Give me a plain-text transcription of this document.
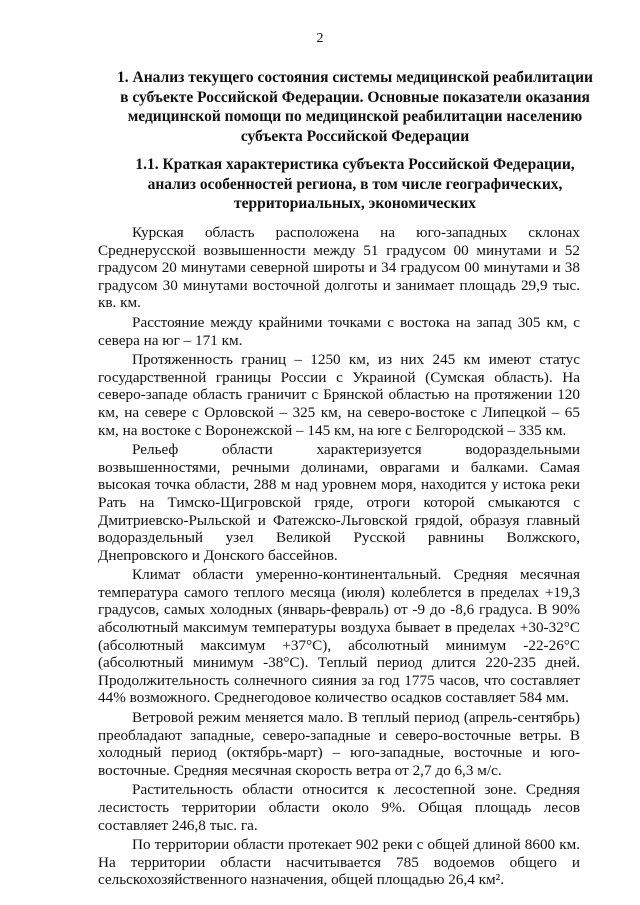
2
1. Анализ текущего состояния системы медицинской реабилитации в субъекте Российской Федерации. Основные показатели оказания медицинской помощи по медицинской реабилитации населению субъекта Российской Федерации
1.1. Краткая характеристика субъекта Российской Федерации, анализ особенностей региона, в том числе географических, территориальных, экономических

Курская область расположена на юго-западных склонах Среднерусской возвышенности между 51 градусом 00 минутами и 52 градусом 20 минутами северной широты и 34 градусом 00 минутами и 38 градусом 30 минутами восточной долготы и занимает площадь 29,9 тыс. кв. км.

Расстояние между крайними точками с востока на запад 305 км, с севера на юг – 171 км.

Протяженность границ – 1250 км, из них 245 км имеют статус государственной границы России с Украиной (Сумская область). На северо-западе область граничит с Брянской областью на протяжении 120 км, на севере с Орловской – 325 км, на северо-востоке с Липецкой – 65 км, на востоке с Воронежской – 145 км, на юге с Белгородской – 335 км.

Рельеф области характеризуется водораздельными возвышенностями, речными долинами, оврагами и балками. Самая высокая точка области, 288 м над уровнем моря, находится у истока реки Рать на Тимско-Щигровской гряде, отроги которой смыкаются с Дмитриевско-Рыльской и Фатежско-Льговской грядой, образуя главный водораздельный узел Великой Русской равнины Волжского, Днепровского и Донского бассейнов.

Климат области умеренно-континентальный. Средняя месячная температура самого теплого месяца (июля) колеблется в пределах +19,3 градусов, самых холодных (январь-февраль) от -9 до -8,6 градуса. В 90% абсолютный максимум температуры воздуха бывает в пределах +30-32°C (абсолютный максимум +37°C), абсолютный минимум -22-26°C (абсолютный минимум -38°C). Теплый период длится 220-235 дней. Продолжительность солнечного сияния за год 1775 часов, что составляет 44% возможного. Среднегодовое количество осадков составляет 584 мм.

Ветровой режим меняется мало. В теплый период (апрель-сентябрь) преобладают западные, северо-западные и северо-восточные ветры. В холодный период (октябрь-март) – юго-западные, восточные и юго-восточные. Средняя месячная скорость ветра от 2,7 до 6,3 м/с.

Растительность области относится к лесостепной зоне. Средняя лесистость территории области около 9%. Общая площадь лесов составляет 246,8 тыс. га.

По территории области протекает 902 реки с общей длиной 8600 км. На территории области насчитывается 785 водоемов общего и сельскохозяйственного назначения, общей площадью 26,4 км².
